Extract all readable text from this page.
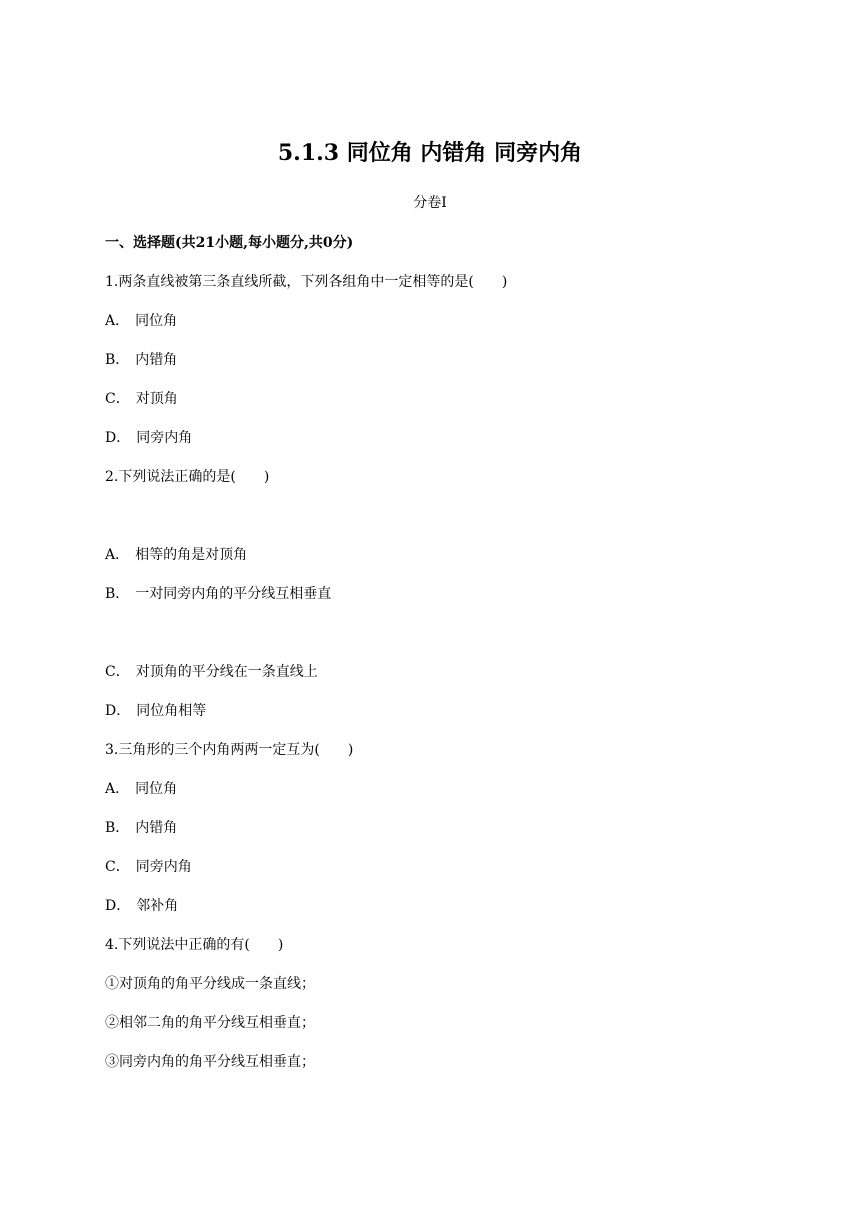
5.1.3 同位角 内错角 同旁内角
分卷I
一、选择题(共21小题,每小题分,共0分)
1.两条直线被第三条直线所截，下列各组角中一定相等的是(　　)
A． 同位角
B． 内错角
C． 对顶角
D． 同旁内角
2.下列说法正确的是(　　)
A． 相等的角是对顶角
B． 一对同旁内角的平分线互相垂直
C． 对顶角的平分线在一条直线上
D． 同位角相等
3.三角形的三个内角两两一定互为(　　)
A． 同位角
B． 内错角
C． 同旁内角
D． 邻补角
4.下列说法中正确的有(　　)
①对顶角的角平分线成一条直线；
②相邻二角的角平分线互相垂直；
③同旁内角的角平分线互相垂直；
